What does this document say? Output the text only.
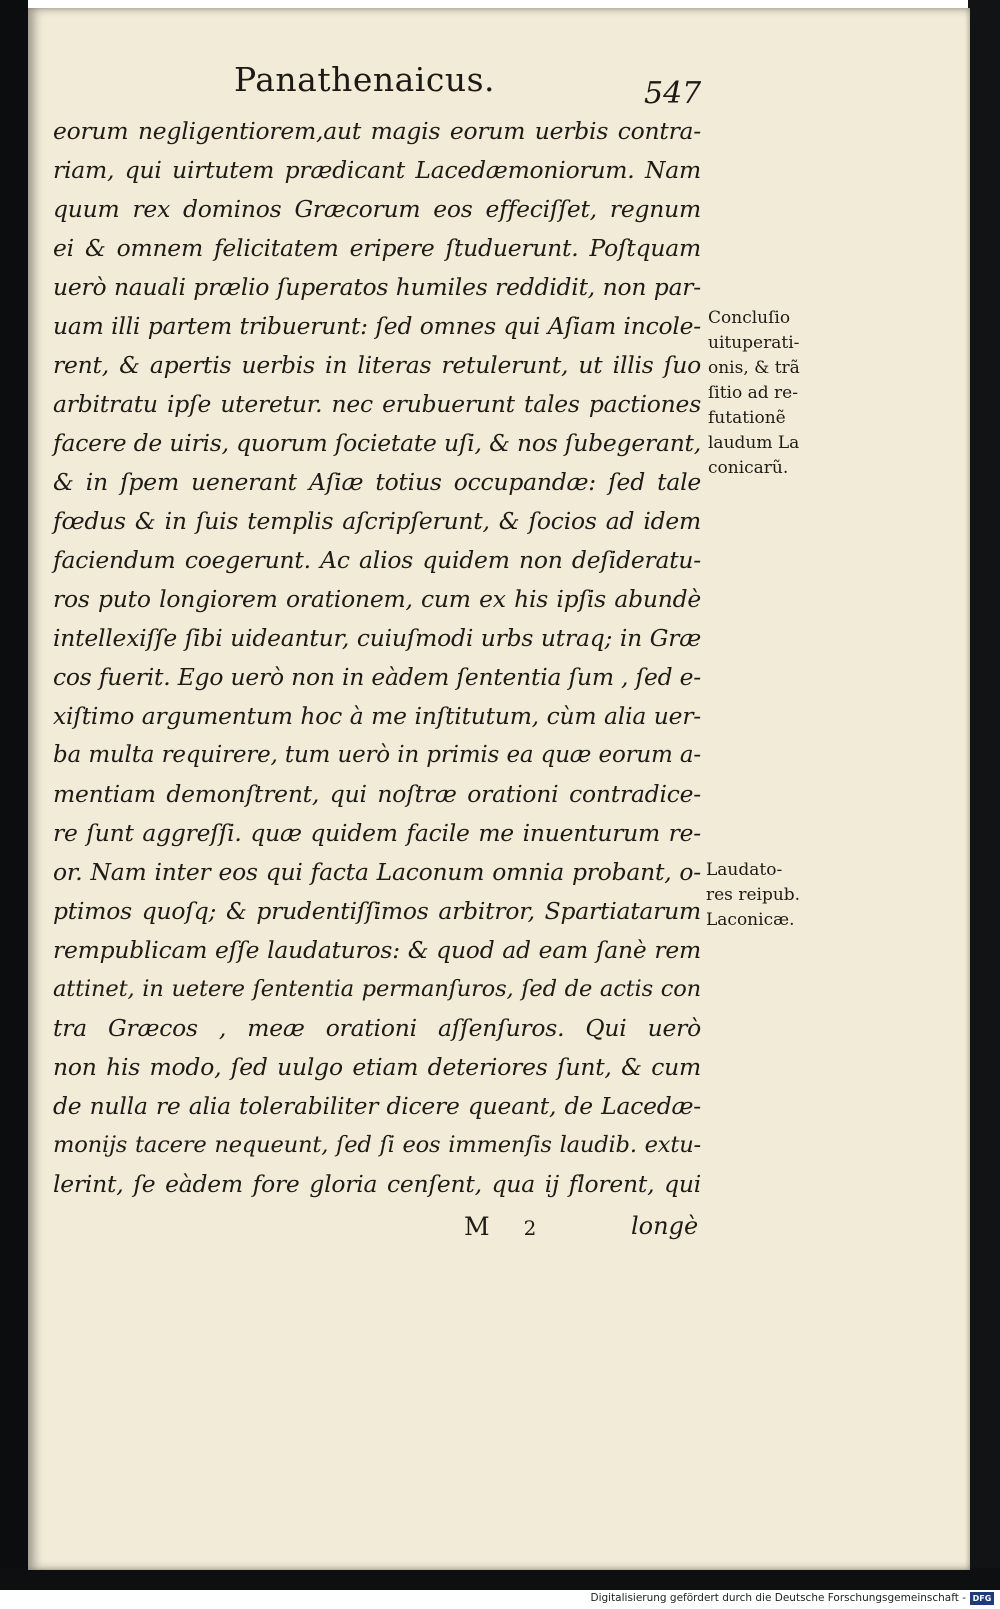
Panathenaicus.	547
eorum negligentiorem,aut magis eorum uerbis contra-
riam, qui uirtutem prædicant Lacedæmoniorum. Nam
quum rex dominos Græcorum eos effeciſſet, regnum
ei & omnem felicitatem eripere ſtuduerunt. Poſtquam
uerò nauali prælio ſuperatos humiles reddidit, non par-
uam illi partem tribuerunt: ſed omnes qui Aſiam incole-
rent, & apertis uerbis in literas retulerunt, ut illis ſuo
arbitratu ipſe uteretur. nec erubuerunt tales pactiones
facere de uiris, quorum ſocietate uſi, & nos ſubegerant,
& in ſpem uenerant Aſiæ totius occupandæ: ſed tale
fœdus & in ſuis templis aſcripſerunt, & ſocios ad idem
faciendum coegerunt. Ac alios quidem non deſideratu-
ros puto longiorem orationem, cum ex his ipſis abundè
intellexiſſe ſibi uideantur, cuiuſmodi urbs utraq; in Græ
cos fuerit. Ego uerò non in eàdem ſententia ſum , ſed e-
xiſtimo argumentum hoc à me inſtitutum, cùm alia uer-
ba multa requirere, tum uerò in primis ea quæ eorum a-
mentiam demonſtrent, qui noſtræ orationi contradice-
re ſunt aggreſſi. quæ quidem facile me inuenturum re-
or. Nam inter eos qui facta Laconum omnia probant, o-
ptimos quoſq; & prudentiſſimos arbitror, Spartiatarum
rempublicam eſſe laudaturos: & quod ad eam ſanè rem
attinet, in uetere ſententia permanſuros, ſed de actis con
tra Græcos , meæ orationi aſſenſuros. Qui uerò
non his modo, ſed uulgo etiam deteriores ſunt, & cum
de nulla re alia tolerabiliter dicere queant, de Lacedæ-
monijs tacere nequeunt, ſed ſi eos immenſis laudib. extu-
lerint, ſe eàdem fore gloria cenſent, qua ij florent, qui
M 2	longè
Concluſio
uituperati-
onis, & trã
ſitio ad re-
futationẽ
laudum La
conicarũ.
Laudato-
res reipub.
Laconicæ.
Digitalisierung gefördert durch die Deutsche Forschungsgemeinschaft - DFG
